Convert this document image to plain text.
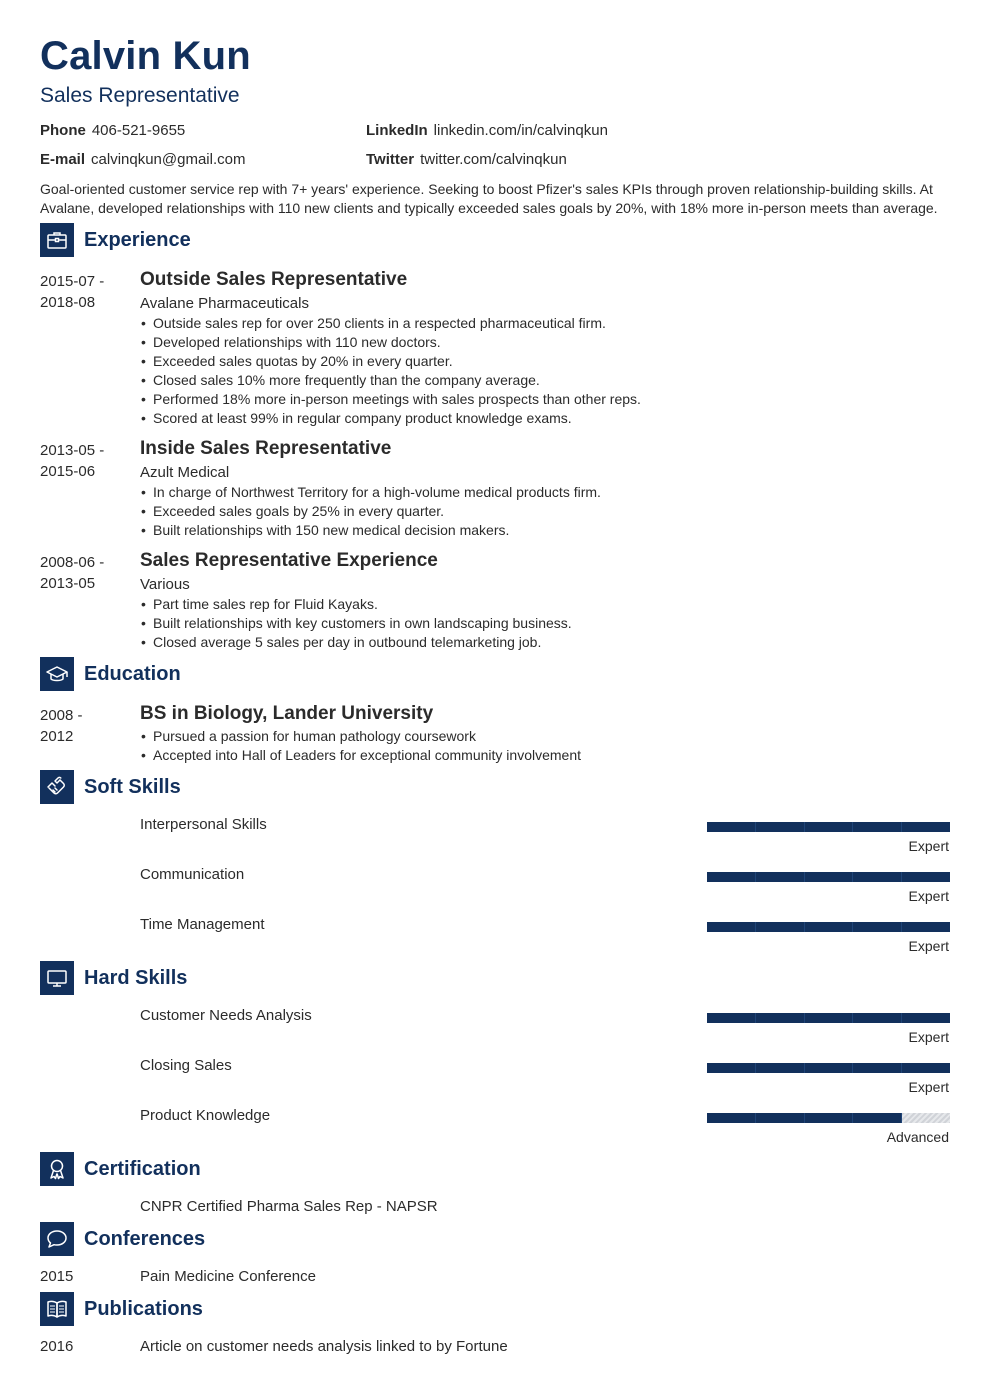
Calvin Kun
Sales Representative
Phone 406-521-9655
E-mail calvinqkun@gmail.com
LinkedIn linkedin.com/in/calvinqkun
Twitter twitter.com/calvinqkun
Goal-oriented customer service rep with 7+ years' experience. Seeking to boost Pfizer's sales KPIs through proven relationship-building skills. At Avalane, developed relationships with 110 new clients and typically exceeded sales goals by 20%, with 18% more in-person meets than average.
Experience
2015-07 -
2018-08
Outside Sales Representative
Avalane Pharmaceuticals
• Outside sales rep for over 250 clients in a respected pharmaceutical firm.
• Developed relationships with 110 new doctors.
• Exceeded sales quotas by 20% in every quarter.
• Closed sales 10% more frequently than the company average.
• Performed 18% more in-person meetings with sales prospects than other reps.
• Scored at least 99% in regular company product knowledge exams.
2013-05 -
2015-06
Inside Sales Representative
Azult Medical
• In charge of Northwest Territory for a high-volume medical products firm.
• Exceeded sales goals by 25% in every quarter.
• Built relationships with 150 new medical decision makers.
2008-06 -
2013-05
Sales Representative Experience
Various
• Part time sales rep for Fluid Kayaks.
• Built relationships with key customers in own landscaping business.
• Closed average 5 sales per day in outbound telemarketing job.
Education
2008 -
2012
BS in Biology, Lander University
• Pursued a passion for human pathology coursework
• Accepted into Hall of Leaders for exceptional community involvement
Soft Skills
Interpersonal Skills
Expert
Communication
Expert
Time Management
Expert
Hard Skills
Customer Needs Analysis
Expert
Closing Sales
Expert
Product Knowledge
Advanced
Certification
CNPR Certified Pharma Sales Rep - NAPSR
Conferences
2015	Pain Medicine Conference
Publications
2016	Article on customer needs analysis linked to by Fortune
